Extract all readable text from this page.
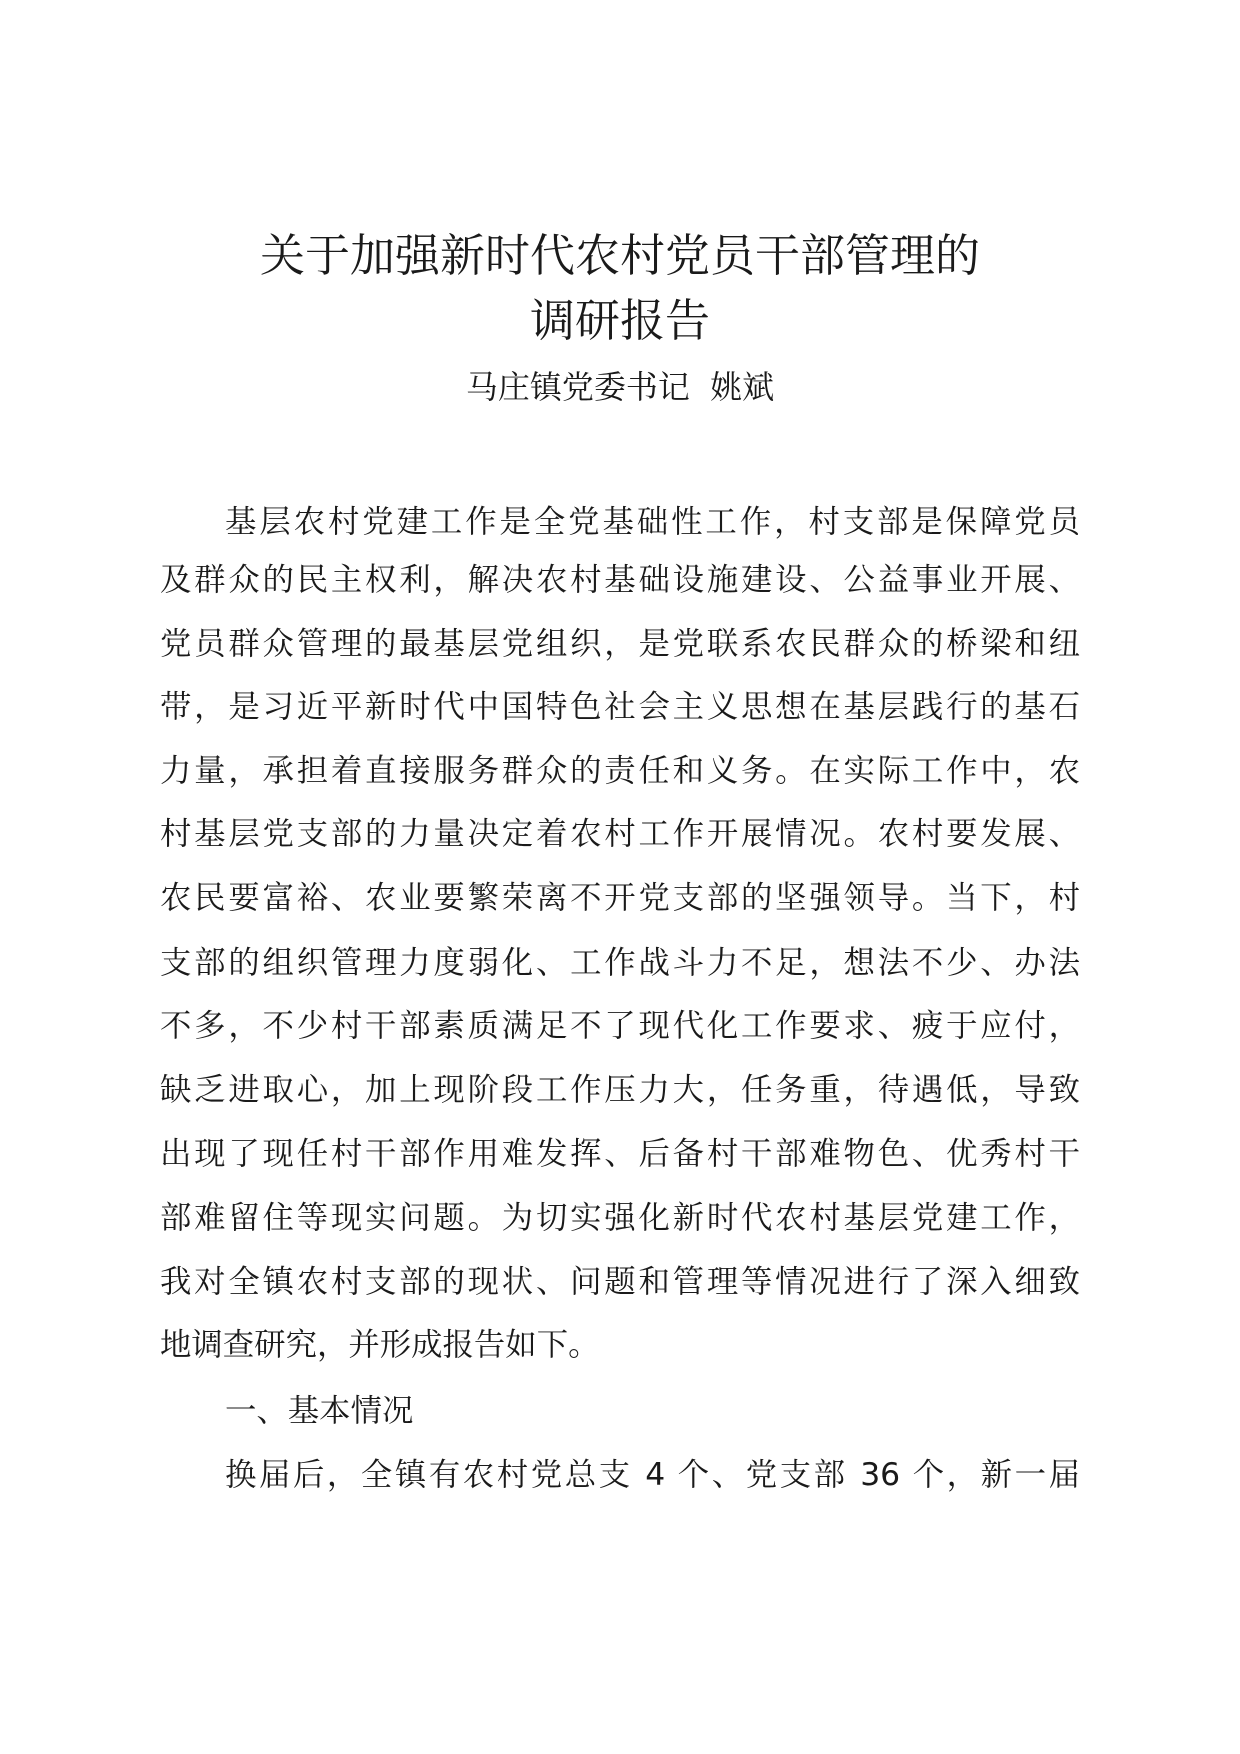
关于加强新时代农村党员干部管理的
调研报告
马庄镇党委书记  姚斌
基层农村党建工作是全党基础性工作，村支部是保障党员
及群众的民主权利，解决农村基础设施建设、公益事业开展、
党员群众管理的最基层党组织，是党联系农民群众的桥梁和纽
带，是习近平新时代中国特色社会主义思想在基层践行的基石
力量，承担着直接服务群众的责任和义务。在实际工作中，农
村基层党支部的力量决定着农村工作开展情况。农村要发展、
农民要富裕、农业要繁荣离不开党支部的坚强领导。当下，村
支部的组织管理力度弱化、工作战斗力不足，想法不少、办法
不多，不少村干部素质满足不了现代化工作要求、疲于应付，
缺乏进取心，加上现阶段工作压力大，任务重，待遇低，导致
出现了现任村干部作用难发挥、后备村干部难物色、优秀村干
部难留住等现实问题。为切实强化新时代农村基层党建工作，
我对全镇农村支部的现状、问题和管理等情况进行了深入细致
地调查研究，并形成报告如下。
一、基本情况
换届后，全镇有农村党总支 4 个、党支部 36 个，新一届
